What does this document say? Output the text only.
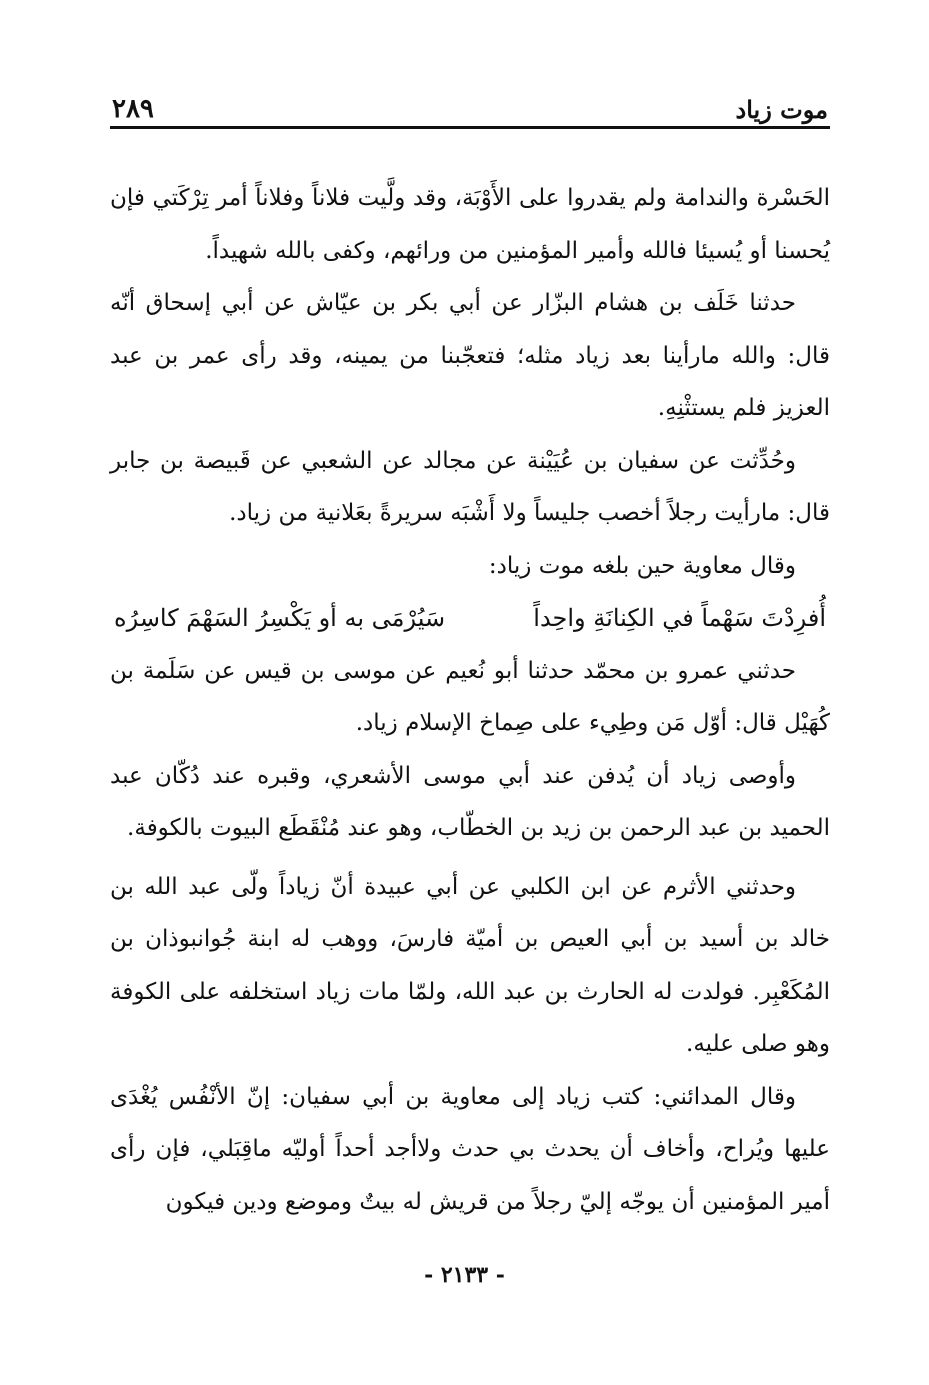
موت زياد
٢٨٩

الحَسْرة والندامة ولم يقدروا على الأَوْبَة، وقد ولَّيت فلاناً وفلاناً أمر تِرْكَتي فإن يُحسنا أو يُسيئا فالله وأمير المؤمنين من ورائهم، وكفى بالله شهيداً.

حدثنا خَلَف بن هشام البزّار عن أبي بكر بن عيّاش عن أبي إسحاق أنّه قال: والله مارأينا بعد زياد مثله؛ فتعجّبنا من يمينه، وقد رأى عمر بن عبد العزيز فلم يستثْنِهِ.

وحُدِّثت عن سفيان بن عُيَيْنة عن مجالد عن الشعبي عن قَبيصة بن جابر قال: مارأيت رجلاً أخصب جليساً ولا أَشْبَه سريرةً بعَلانية من زياد.

وقال معاوية حين بلغه موت زياد:

أُفرِدْتَ سَهْماً في الكِنانَةِ واحِداً
سَيُرْمَى به أو يَكْسِرُ السَهْمَ كاسِرُه

حدثني عمرو بن محمّد حدثنا أبو نُعيم عن موسى بن قيس عن سَلَمة بن كُهَيْل قال: أوّل مَن وطِيء على صِماخ الإسلام زياد.

وأوصى زياد أن يُدفن عند أبي موسى الأشعري، وقبره عند دُكّان عبد الحميد بن عبد الرحمن بن زيد بن الخطّاب، وهو عند مُنْقَطَع البيوت بالكوفة.

وحدثني الأثرم عن ابن الكلبي عن أبي عبيدة أنّ زياداً ولّى عبد الله بن خالد بن أسيد بن أبي العيص بن أميّة فارسَ، ووهب له ابنة جُوانبوذان بن المُكَعْبِر. فولدت له الحارث بن عبد الله، ولمّا مات زياد استخلفه على الكوفة وهو صلى عليه.

وقال المدائني: كتب زياد إلى معاوية بن أبي سفيان: إنّ الأنْفُس يُغْدَى عليها ويُراح، وأخاف أن يحدث بي حدث ولاأجد أحداً أوليّه ماقِبَلي، فإن رأى أمير المؤمنين أن يوجّه إليّ رجلاً من قريش له بيتٌ وموضع ودين فيكون

- ٢١٣٣ -
